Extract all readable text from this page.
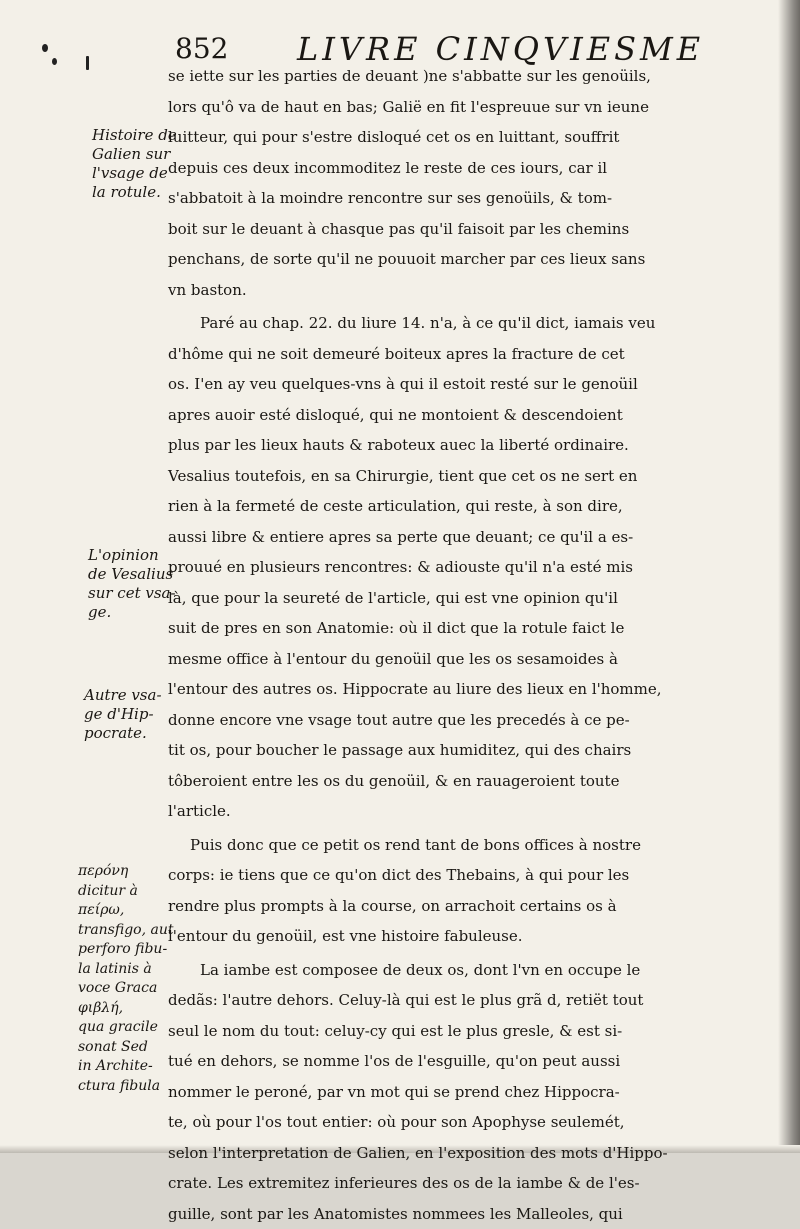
852 LIVRE CINQVIESME
Histoire de
Galien sur
l'vsage de
la rotule.
L'opinion
de Vesalius
sur cet vsa-
ge.
Autre vsa-
ge d'Hip-
pocrate.
περόνη
dicitur à
πείρω,
transfigo, aut
perforo fibu-
la latinis à
voce Graca
φιβλή,
qua gracile
sonat Sed
in Archite-
ctura fibula
se iette sur les parties de deuant )ne s'abbatte sur les genoüils,
lors qu'ô va de haut en bas; Galië en fit l'espreuue sur vn ieune
luitteur, qui pour s'estre disloqué cet os en luittant, souffrit
depuis ces deux incommoditez le reste de ces iours, car il
s'abbatoit à la moindre rencontre sur ses genoüils, & tom-
boit sur le deuant à chasque pas qu'il faisoit par les chemins
penchans, de sorte qu'il ne pouuoit marcher par ces lieux sans
vn baston.
Paré au chap. 22. du liure 14. n'a, à ce qu'il dict, iamais veu
d'hôme qui ne soit demeuré boiteux apres la fracture de cet
os. I'en ay veu quelques-vns à qui il estoit resté sur le genoüil
apres auoir esté disloqué, qui ne montoient & descendoient
plus par les lieux hauts & raboteux auec la liberté ordinaire.
Vesalius toutefois, en sa Chirurgie, tient que cet os ne sert en
rien à la fermeté de ceste articulation, qui reste, à son dire,
aussi libre & entiere apres sa perte que deuant; ce qu'il a es-
prouué en plusieurs rencontres: & adiouste qu'il n'a esté mis
là, que pour la seureté de l'article, qui est vne opinion qu'il
suit de pres en son Anatomie: où il dict que la rotule faict le
mesme office à l'entour du genoüil que les os sesamoides à
l'entour des autres os. Hippocrate au liure des lieux en l'homme,
donne encore vne vsage tout autre que les precedés à ce pe-
tit os, pour boucher le passage aux humiditez, qui des chairs
tôberoient entre les os du genoüil, & en rauageroient toute
l'article.
Puis donc que ce petit os rend tant de bons offices à nostre
corps: ie tiens que ce qu'on dict des Thebains, à qui pour les
rendre plus prompts à la course, on arrachoit certains os à
l'entour du genoüil, est vne histoire fabuleuse.
La iambe est composee de deux os, dont l'vn en occupe le
dedãs: l'autre dehors. Celuy-là qui est le plus grã d, retiët tout
seul le nom du tout: celuy-cy qui est le plus gresle, & est si-
tué en dehors, se nomme l'os de l'esguille, qu'on peut aussi
nommer le peroné, par vn mot qui se prend chez Hippocra-
te, où pour l'os tout entier: où pour son Apophyse seulemét,
selon l'interpretation de Galien, en l'exposition des mots d'Hippo-
crate. Les extremitez inferieures des os de la iambe & de l'es-
guille, sont par les Anatomistes nommees les Malleoles, qui
